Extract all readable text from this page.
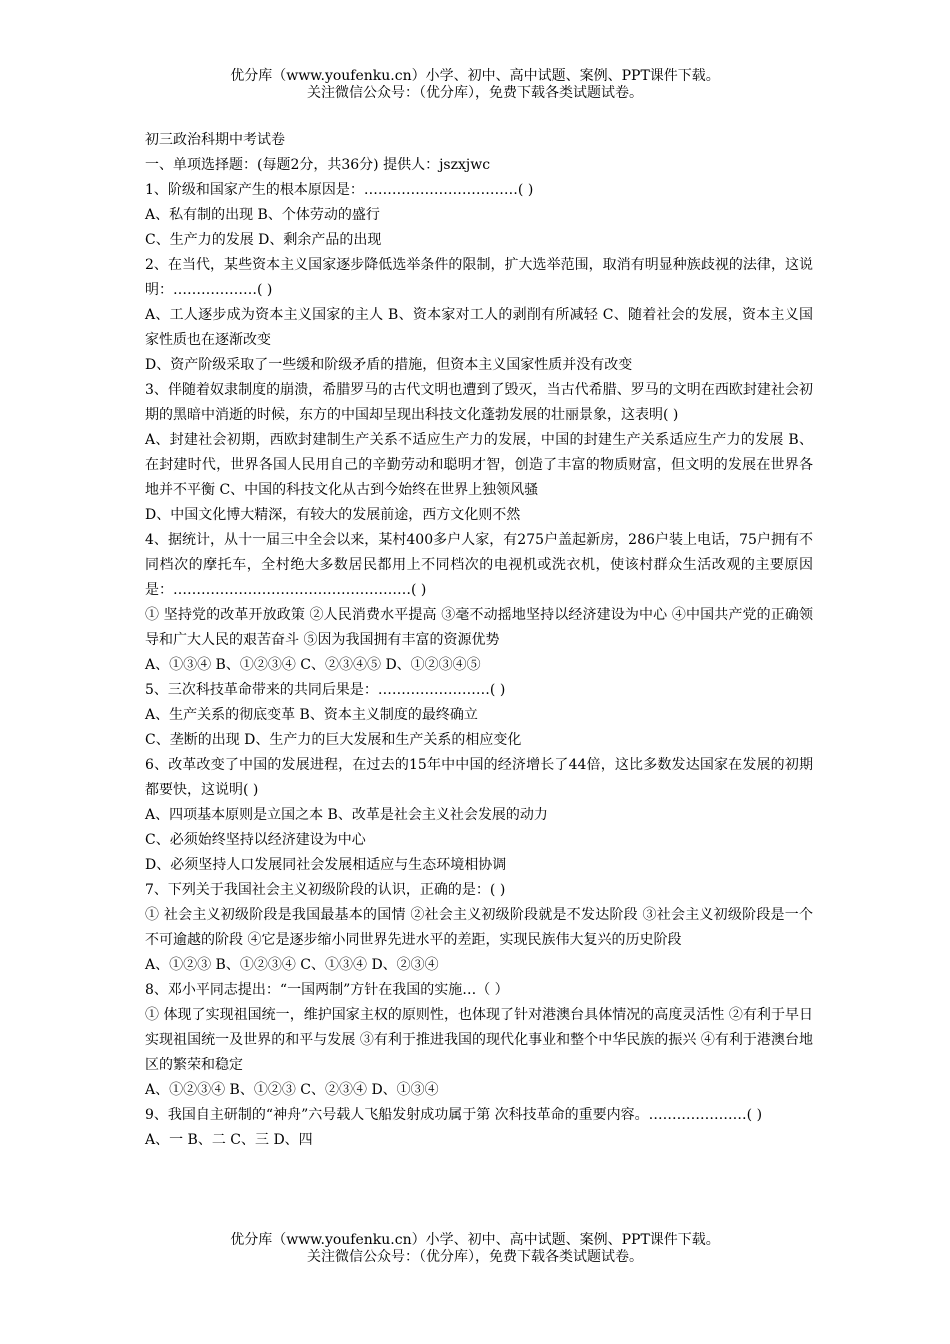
优分库（www.youfenku.cn）小学、初中、高中试题、案例、PPT课件下载。
关注微信公众号：（优分库），免费下载各类试题试卷。

初三政治科期中考试卷

一、单项选择题：(每题2分，共36分) 提供人：jszxjwc

1、阶级和国家产生的根本原因是：……………………………( )

A、私有制的出现 B、个体劳动的盛行

C、生产力的发展 D、剩余产品的出现

2、在当代，某些资本主义国家逐步降低选举条件的限制，扩大选举范围，取消有明显种族歧视的法律，这说明：………………( )

A、工人逐步成为资本主义国家的主人 B、资本家对工人的剥削有所减轻 C、随着社会的发展，资本主义国家性质也在逐渐改变

D、资产阶级采取了一些缓和阶级矛盾的措施，但资本主义国家性质并没有改变

3、伴随着奴隶制度的崩溃，希腊罗马的古代文明也遭到了毁灭，当古代希腊、罗马的文明在西欧封建社会初期的黑暗中消逝的时候，东方的中国却呈现出科技文化蓬勃发展的壮丽景象，这表明( )

A、封建社会初期，西欧封建制生产关系不适应生产力的发展，中国的封建生产关系适应生产力的发展 B、在封建时代，世界各国人民用自己的辛勤劳动和聪明才智，创造了丰富的物质财富，但文明的发展在世界各地并不平衡 C、中国的科技文化从古到今始终在世界上独领风骚

D、中国文化博大精深，有较大的发展前途，西方文化则不然

4、据统计，从十一届三中全会以来，某村400多户人家，有275户盖起新房，286户装上电话，75户拥有不同档次的摩托车，全村绝大多数居民都用上不同档次的电视机或洗衣机，使该村群众生活改观的主要原因是：……………………………………………( )

① 坚持党的改革开放政策 ②人民消费水平提高 ③毫不动摇地坚持以经济建设为中心 ④中国共产党的正确领导和广大人民的艰苦奋斗 ⑤因为我国拥有丰富的资源优势

A、①③④ B、①②③④ C、②③④⑤ D、①②③④⑤

5、三次科技革命带来的共同后果是：……………………( )

A、生产关系的彻底变革 B、资本主义制度的最终确立

C、垄断的出现 D、生产力的巨大发展和生产关系的相应变化

6、改革改变了中国的发展进程，在过去的15年中中国的经济增长了44倍，这比多数发达国家在发展的初期都要快，这说明( )

A、四项基本原则是立国之本 B、改革是社会主义社会发展的动力

C、必须始终坚持以经济建设为中心

D、必须坚持人口发展同社会发展相适应与生态环境相协调

7、下列关于我国社会主义初级阶段的认识，正确的是：( )

① 社会主义初级阶段是我国最基本的国情 ②社会主义初级阶段就是不发达阶段 ③社会主义初级阶段是一个不可逾越的阶段 ④它是逐步缩小同世界先进水平的差距，实现民族伟大复兴的历史阶段

A、①②③ B、①②③④ C、①③④ D、②③④

8、邓小平同志提出：“一国两制”方针在我国的实施…（ ）

① 体现了实现祖国统一，维护国家主权的原则性，也体现了针对港澳台具体情况的高度灵活性 ②有利于早日实现祖国统一及世界的和平与发展 ③有利于推进我国的现代化事业和整个中华民族的振兴 ④有利于港澳台地区的繁荣和稳定

A、①②③④ B、①②③ C、②③④ D、①③④

9、我国自主研制的“神舟”六号载人飞船发射成功属于第 次科技革命的重要内容。…………………( )

A、一 B、二 C、三 D、四

优分库（www.youfenku.cn）小学、初中、高中试题、案例、PPT课件下载。
关注微信公众号：（优分库），免费下载各类试题试卷。
